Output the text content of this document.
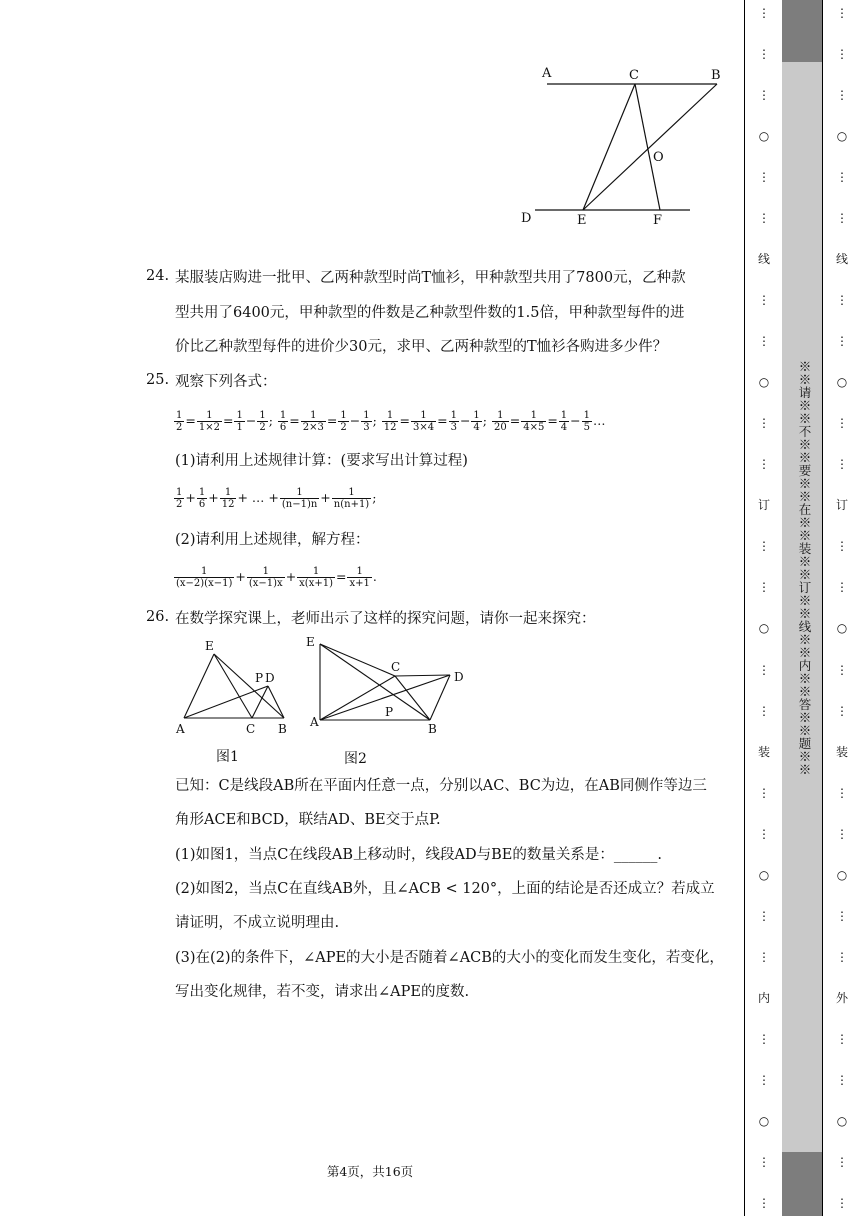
A	C	B
O
D	E	F
24. 某服装店购进一批甲、乙两种款型时尚T恤衫，甲种款型共用了7800元，乙种款
型共用了6400元，甲种款型的件数是乙种款型件数的1.5倍，甲种款型每件的进
价比乙种款型每件的进价少30元，求甲、乙两种款型的T恤衫各购进多少件？
25. 观察下列各式：
$\frac{1}{2} = \frac{1}{1\times 2} = \frac{1}{1} - \frac{1}{2}$ ; $\frac{1}{6} = \frac{1}{2\times 3} = \frac{1}{2} - \frac{1}{3}$ ; $\frac{1}{12} = \frac{1}{3\times 4} = \frac{1}{3} - \frac{1}{4}$ ; $\frac{1}{20} = \frac{1}{4\times 5} = \frac{1}{4} - \frac{1}{5}$ …
(1)请利用上述规律计算：(要求写出计算过程)
$\frac{1}{2} + \frac{1}{6} + \frac{1}{12}$ + … + $\frac{1}{(n-1)n} + \frac{1}{n(n+1)}$ ;
(2)请利用上述规律，解方程：
$\frac{1}{(x-2)(x-1)} + \frac{1}{(x-1)x} + \frac{1}{x(x+1)} = \frac{1}{x+1}$ .
26. 在数学探究课上，老师出示了这样的探究问题，请你一起来探究：
A
E
C B
P D
图1
E
C
D
A	B
P
图2
已知：C是线段AB所在平面内任意一点，分别以AC、BC为边，在AB同侧作等边三
角形ACE和BCD，联结AD、BE交于点P.
(1)如图1，当点C在线段AB上移动时，线段AD与BE的数量关系是：______.
(2)如图2，当点C在直线AB外，且∠ACB < 120°，上面的结论是否还成立？若成立
请证明，不成立说明理由.
(3)在(2)的条件下，∠APE的大小是否随着∠ACB的大小的变化而发生变化，若变化，
写出变化规律，若不变，请求出∠APE的度数.
第4页，共16页
⋮
⋮
⋮
○
⋮
⋮
线
⋮
⋮
○
⋮
⋮
订
⋮
⋮
○
⋮
⋮
装
⋮
⋮
○
⋮
⋮
内
⋮
⋮
○
⋮
⋮
※※请※※不※※要※※在※※装※※订※※线※※内※※答※※题※※
⋮
⋮
⋮
○
⋮
⋮
线
⋮
⋮
○
⋮
⋮
订
⋮
⋮
○
⋮
⋮
装
⋮
⋮
○
⋮
⋮
外
⋮
⋮
○
⋮
⋮
